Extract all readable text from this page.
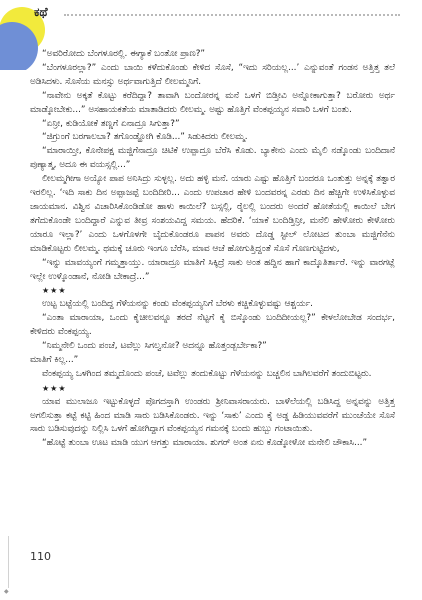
ಕಥೆ

“ಅವರಿರೋದು ಬೆಂಗಳೂರಲ್ಲಿ. ಈಗ್ಯಾಕೆ ಬಂತೋ ಪ್ರಾಣ?”

“ಬೆಂಗಳೂರಲ್ಲಾ?” ಎಂದು ಬಾಯಿ ಕಳೆದುಕೊಂಡು ಕೇಳಿದ ಸೊಸೆ, “ಇದು ಸರಿಯಲ್ಲ...’ ಎನ್ನುವಂತೆ ಗಂಡನ ಅತ್ತಿತ್ತ ತಲೆ ಅಡಿಸಿದಳು. ಸೊಸೆಯ ಮನಸ್ಸು ಅರ್ಥವಾಗುತ್ತಿದೆ ಲೀಲಮ್ಮನಿಗೆ.

“ನಾವೇನು ಅಕ್ಕತೆ ಕೊಟ್ಟು ಕರೆದಿದ್ದಾ? ತಾವಾಗಿ ಬಂದೋರನ್ನ ಮನೆ ಒಳಗೆ ಬಿಡ್ತೀವಿ ಅನ್ನೋಕಾಗುತ್ತಾ? ಬರೋರು ಅರ್ಥ ಮಾಡ್ಕೋಬೇಕು...” ಅಸಹಾಯಕತೆಯ ಮಾತಾಡಿದರು ಲೀಲಮ್ಮ. ಅಷ್ಟು ಹೊತ್ತಿಗೆ ವೆಂಕಪ್ಪಯ್ಯನ ಸವಾರಿ ಒಳಗೆ ಬಂತು.

“ಏನ್ರೀ, ಕುಡಿಯೋಕೆ ತಣ್ಣಗೆ ಏನಾದ್ರೂ ಸಿಗುತ್ತಾ?”

“ಜಿಗ್ರುಂಗೆ ಬರಗಾಲಬಾ? ತಗೊಂಡ್ಹೋಗಿ ಕೊಡಿ...” ಸಿಡುಕಿದರು ಲೀಲಮ್ಮ.

“ಮಾರಾಯ್ತೀ, ಕೊನೇಪಕ್ಷ ಮಜ್ಜಿಗೆನಾದ್ರೂ ಚಿಟಿಕೆ ಉಪ್ಪಾದ್ರೂ ಬೆರೆಸಿ ಕೊಡು. ಬ್ಯಾಕೇನು ಎಂದು ಮೈಲಿ ನಡ್ಕೊಂಡು ಬಂದಿದಾನೆ ಪುಣ್ಯಾತ್ಮ, ಅದೂ ಈ ವಯಸ್ಸಲ್ಲಿ...”

ಲೀಲಮ್ಮಗೀಗಾ ಅಯ್ಯೋ ಪಾಪ ಅನಿಸಿದ್ರು ಸುಳ್ಳಲ್ಲ. ಅದು ಹಳ್ಳಿ ಮನೆ. ಯಾರು ಎಷ್ಟು ಹೊತ್ತಿಗೆ ಬಂದರೂ ಒಂತುತ್ತು ಅನ್ನಕ್ಕೆ ತತ್ವಾರ ಇರಲಿಲ್ಲ. ‘ಇದಿ ಸಾಕು ದಿನ ಅಪ್ಪಾಜಪ್ಪೆ ಬಂದಿದೀರಿ... ಎಂದು ಉಪಚಾರ ಹೇಳಿ ಬಂದವರನ್ನ ಎರಡು ದಿನ ಹೆಚ್ಚಿಗೇ ಉಳಿಸಿಕೊಳ್ಳುವ ಜಾಯಮಾನ. ವಿಶ್ವಿನ ವಿಚಾರಿಸಿಕೊಂಡಿಡೋ ಹಾಳು ಕಾಯಿಲೆ? ಬಸ್ಸಲ್ಲಿ, ರೈಲಲ್ಲಿ ಬಂದರು ಅಂದರೆ ಹೋತೆಯಲ್ಲಿ ಕಾಯಿಲೆ ಬೇಗ ತಗೆದುಕೊಂಡೇ ಬಂದಿದ್ದಾರೆ ಎನ್ನುವ ತೀವ್ರ ಸಂಶಯವಿದ್ದ ಸಮಯ. ಹೆದರಿಕೆ. ‘ಯಾಕೆ ಬಂದಿಡ್ತಿನ್ರೀ, ಮನೆಲಿ ಹೇಳೋರು ಕೇಳೋರು ಯಾರೂ ಇಲ್ಲಾ?’ ಎಂದು ಒಳಗೊಳಗೇ ಬೈದುಕೊಂಡರೂ ಪಾಪನ ಅವರು ದೊಡ್ಡ ಸ್ಟೀಲ್ ಲೋಟದ ತುಂಬಾ ಮಜ್ಜಿಗೆನೆನು ಮಾಡಿಕೊಟ್ಟರು ಲೀಲಮ್ಮ. ಥಮಕ್ಕೆ ಚೂರು ಇಂಗೂ ಬೆರೆಸಿ, ಮಾವ ಆಚೆ ಹೋಗುತ್ತಿದ್ದಂತೆ ಸೊಸೆ ಗೊಣಗುಟ್ಟಿದಳು,

“ಇನ್ನು ಮಾವಯ್ಯಂಗೆ ಗಮ್ಮತ್ತಾಯ್ತು. ಯಾರಾದ್ರೂ ಮಾತಿಗೆ ಸಿಕ್ಕಿದ್ರೆ ಸಾಕು ಅಂತ ಹದ್ದಿನ ಹಾಗೆ ಕಾದ್ಕೊತಿರ್ತಾರೆ. ಇನ್ನು ವಾರಗಟ್ಲೆ ಇಲ್ಲೇ ಉಳ್ಕೊಂಡಾನೆ, ನೋಡಿ ಬೇಕಾದ್ರೆ...”

★★★

ಉಟ್ಟ ಬಟ್ಟೆಯಲ್ಲಿ ಬಂದಿದ್ದ ಗೆಳೆಯನನ್ನು ಕಂಡು ವೆಂಕಪ್ಪಯ್ಯನಿಗೆ ಬೆರಳು ಕಚ್ಚಿಕೊಳ್ಳುವಷ್ಟು ಆಶ್ಚರ್ಯ.

“ಎಂತಾ ಮಾರಾಯಾ, ಒಂದು ಕೈಚೀಲವನ್ನೂ ತರದೆ ನೆಟ್ಟಗೆ ಕೈ ಬಿಸ್ಕೊಂಡು ಬಂದಿದೀಯಲ್ಲ?” ಕೇಳಲೋಬೇಡ ಸಂದರ್ಭ, ಕೇಳಿದರು ವೆಂಕಪ್ಪಯ್ಯ.

“ನಿಮ್ಮನೇಲಿ ಒಂದು ಪಂಚೆ, ಟವೆಲ್ಲು ಸಿಗಲ್ವನೋ? ಅದನ್ನೂ ಹೊತ್ತಂಡ್ಬರ್ಬೇಕಾ?”

ಮಾತಿಗೆ ಕಿಲ್ಲ...”

ವೆಂಕಪ್ಪಯ್ಯ ಒಳಗಿಂದ ತಮ್ಮದೊಂದು ಪಂಚೆ, ಟವೆಲ್ಲು ತಂದುಕೊಟ್ಟು ಗೆಳೆಯನನ್ನು ಬಚ್ಚಲಿನ ಬಾಗಿಲವರೆಗೆ ತಂದುಬಿಟ್ಟರು.

★★★

ಯಾವ ಮುಲಾಜೂ ಇಟ್ಟುಕೊಳ್ಳದೆ ಪೊಗದಸ್ತಾಗಿ ಉಂಡರು ಶ್ರೀನಿವಾಸರಾಯರು. ಬಾಳೆಲೆಯಲ್ಲಿ ಬಡಿಸಿದ್ದ ಅನ್ನವನ್ನು ಅತ್ತಿತ್ತ ಅಗಲಿಸುತ್ತಾ ಕಟ್ಟೆ ಕಟ್ಟಿ ಹಿಂದ ಮಾಡಿ ಸಾರು ಬಡಿಸಿಕೊಂಡರು. ಇನ್ನು ‘ಸಾಕು’ ಎಂದು ಕೈ ಅಡ್ಡ ಹಿಡಿಯುವವರೆಗೆ ಮುಂಚೆಯೇ ಸೊಸೆ ಸಾರು ಬಡಿಸುವುದನ್ನು ನಿಲ್ಲಿಸಿ ಒಳಗೆ ಹೋಗಿದ್ದಾಗ ವೆಂಕಪ್ಪಯ್ಯನ ಗಮನಕ್ಕೆ ಬಂದು ಹುಬ್ಬು ಗಂಟಾಯಿತು.

“ಹೊಟ್ಟೆ ತುಂಬಾ ಊಟ ಮಾಡಿ ಯುಗ ಆಗತ್ತು ಮಾರಾಯಾ. ಶುಗರ್ ಅಂತ ಏನು ಕೊಡ್ಕೋಳೋ ಮನೇಲಿ ಚೌಕಾಸಿ...”

110
◆
